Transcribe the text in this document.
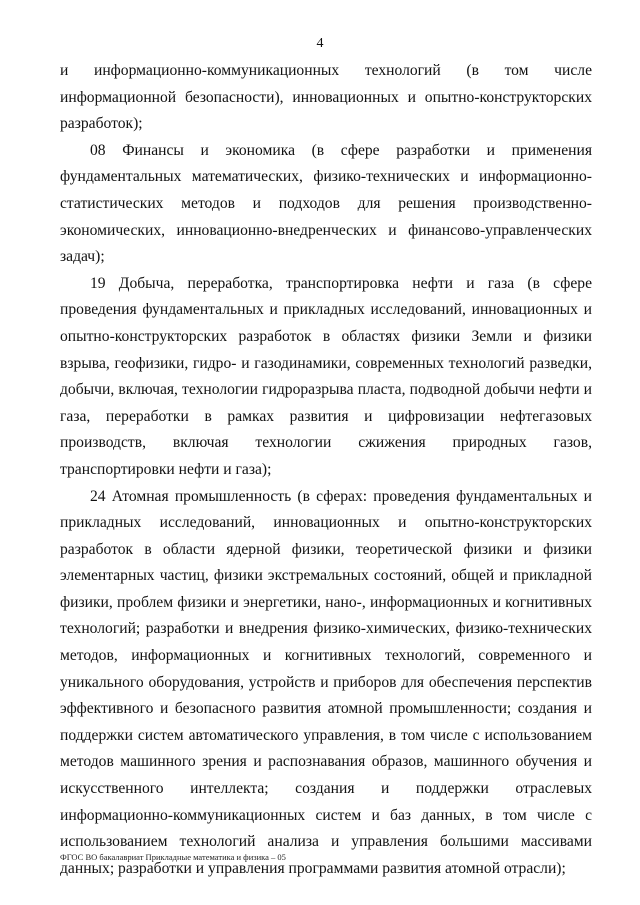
4

и информационно-коммуникационных технологий (в том числе информационной безопасности), инновационных и опытно-конструкторских разработок);

08 Финансы и экономика (в сфере разработки и применения фундаментальных математических, физико-технических и информационно-статистических методов и подходов для решения производственно-экономических, инновационно-внедренческих и финансово-управленческих задач);

19 Добыча, переработка, транспортировка нефти и газа (в сфере проведения фундаментальных и прикладных исследований, инновационных и опытно-конструкторских разработок в областях физики Земли и физики взрыва, геофизики, гидро- и газодинамики, современных технологий разведки, добычи, включая, технологии гидроразрыва пласта, подводной добычи нефти и газа, переработки в рамках развития и цифровизации нефтегазовых производств, включая технологии сжижения природных газов, транспортировки нефти и газа);

24 Атомная промышленность (в сферах: проведения фундаментальных и прикладных исследований, инновационных и опытно-конструкторских разработок в области ядерной физики, теоретической физики и физики элементарных частиц, физики экстремальных состояний, общей и прикладной физики, проблем физики и энергетики, нано-, информационных и когнитивных технологий; разработки и внедрения физико-химических, физико-технических методов, информационных и когнитивных технологий, современного и уникального оборудования, устройств и приборов для обеспечения перспектив эффективного и безопасного развития атомной промышленности; создания и поддержки систем автоматического управления, в том числе с использованием методов машинного зрения и распознавания образов, машинного обучения и искусственного интеллекта; создания и поддержки отраслевых информационно-коммуникационных систем и баз данных, в том числе с использованием технологий анализа и управления большими массивами данных; разработки и управления программами развития атомной отрасли);

ФГОС ВО бакалавриат Прикладные математика и физика – 05
